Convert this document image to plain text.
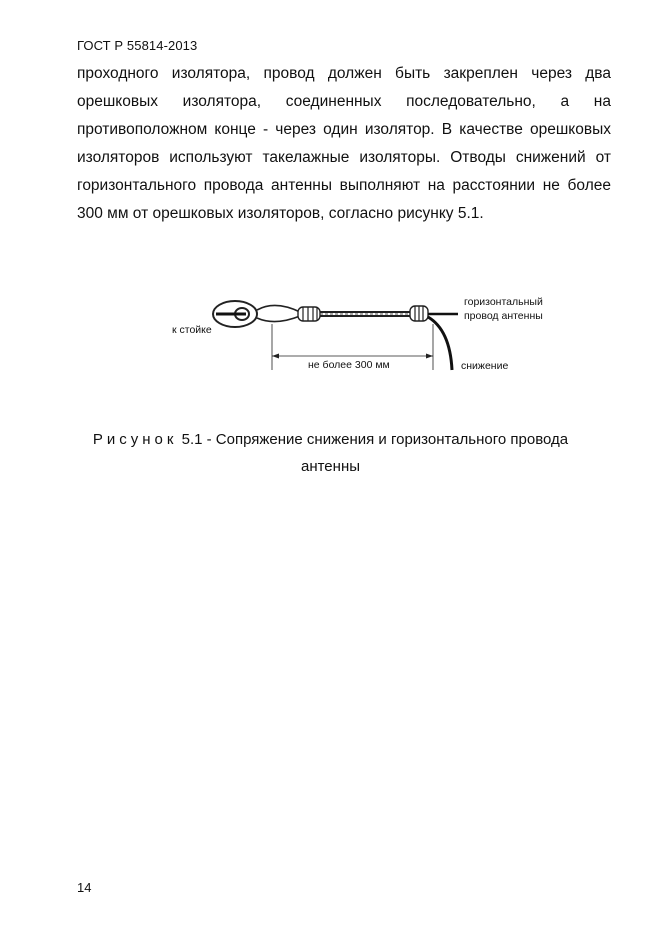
ГОСТ Р 55814-2013
проходного изолятора, провод должен быть закреплен через два
орешковых изолятора, соединенных последовательно, а на
противоположном конце - через один изолятор. В качестве орешковых
изоляторов используют такелажные изоляторы. Отводы снижений от
горизонтального провода антенны выполняют на расстоянии не более
300 мм от орешковых изоляторов, согласно рисунку 5.1.
к стойке
горизонтальный
провод антенны
не более 300 мм	снижение
Рисунок 5.1 - Сопряжение снижения и горизонтального провода
антенны
14
